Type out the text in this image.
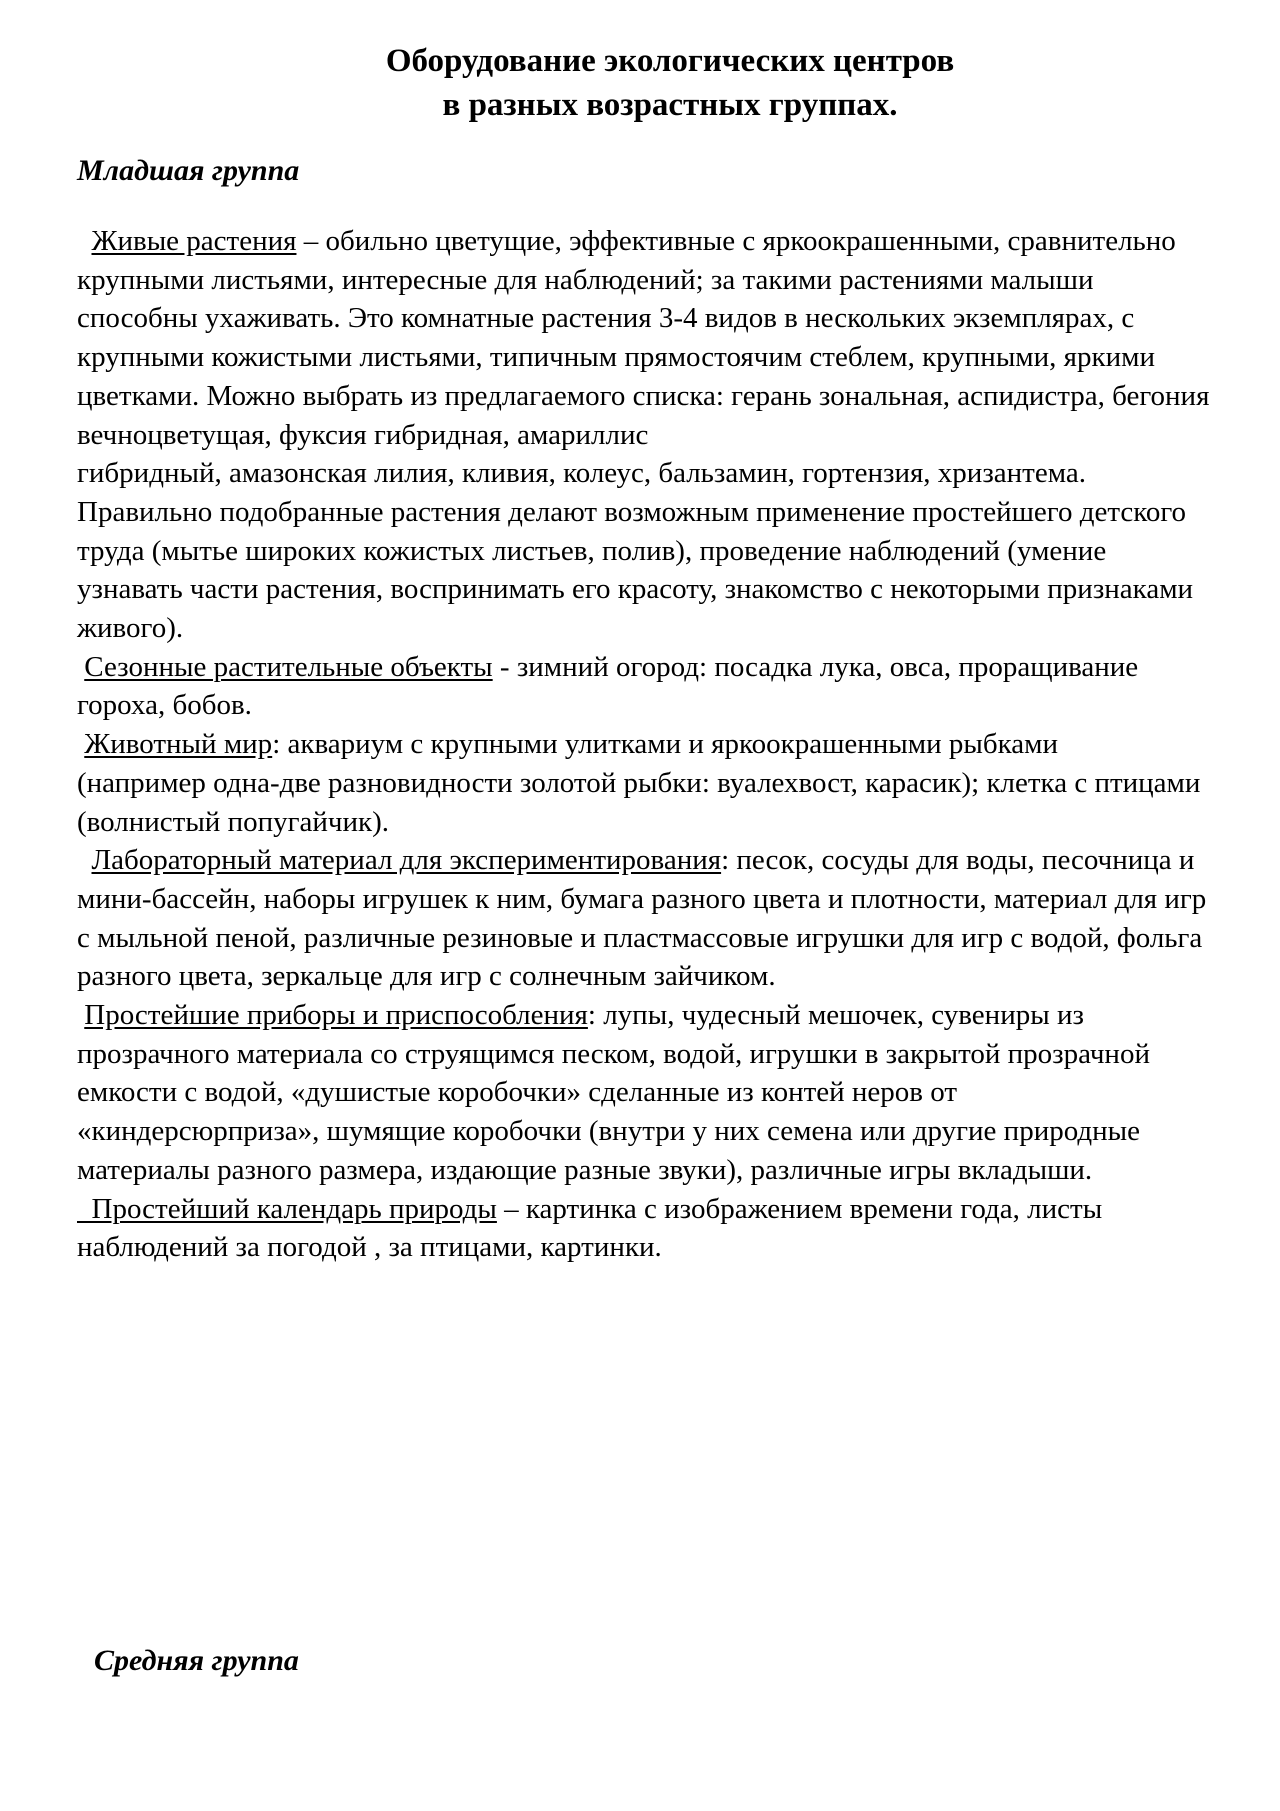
Оборудование экологических центров
в разных возрастных группах.
Младшая группа

Живые растения – обильно цветущие, эффективные с яркоокрашенными, сравнительно крупными листьями, интересные для наблюдений; за такими растениями малыши способны ухаживать. Это комнатные растения 3-4 видов в нескольких экземплярах, с крупными кожистыми листьями, типичным прямостоячим стеблем, крупными, яркими цветками. Можно выбрать из предлагаемого списка: герань зональная, аспидистра, бегония вечноцветущая, фуксия гибридная, амариллис

гибридный, амазонская лилия, кливия, колеус, бальзамин, гортензия, хризантема.

Правильно подобранные растения делают возможным применение простейшего детского труда (мытье широких кожистых листьев, полив), проведение наблюдений (умение узнавать части растения, воспринимать его красоту, знакомство с некоторыми признаками живого).

Сезонные растительные объекты - зимний огород: посадка лука, овса, проращивание гороха, бобов.

Животный мир: аквариум с крупными улитками и яркоокрашенными рыбками

(например одна-две разновидности золотой рыбки: вуалехвост, карасик); клетка с птицами (волнистый попугайчик).

Лабораторный материал для экспериментирования: песок, сосуды для воды, песочница и мини-бассейн, наборы игрушек к ним, бумага разного цвета и плотности, материал для игр с мыльной пеной, различные резиновые и пластмассовые игрушки для игр с водой, фольга разного цвета, зеркальце для игр с солнечным зайчиком.

Простейшие приборы и приспособления: лупы, чудесный мешочек, сувениры из прозрачного материала со струящимся песком, водой, игрушки в закрытой прозрачной емкости с водой, «душистые коробочки» сделанные из контей неров от

«киндерсюрприза», шумящие коробочки (внутри у них семена или другие природные материалы разного размера, издающие разные звуки), различные игры вкладыши.

Простейший календарь природы – картинка с изображением времени года, листы наблюдений за погодой , за птицами, картинки.

Средняя группа
